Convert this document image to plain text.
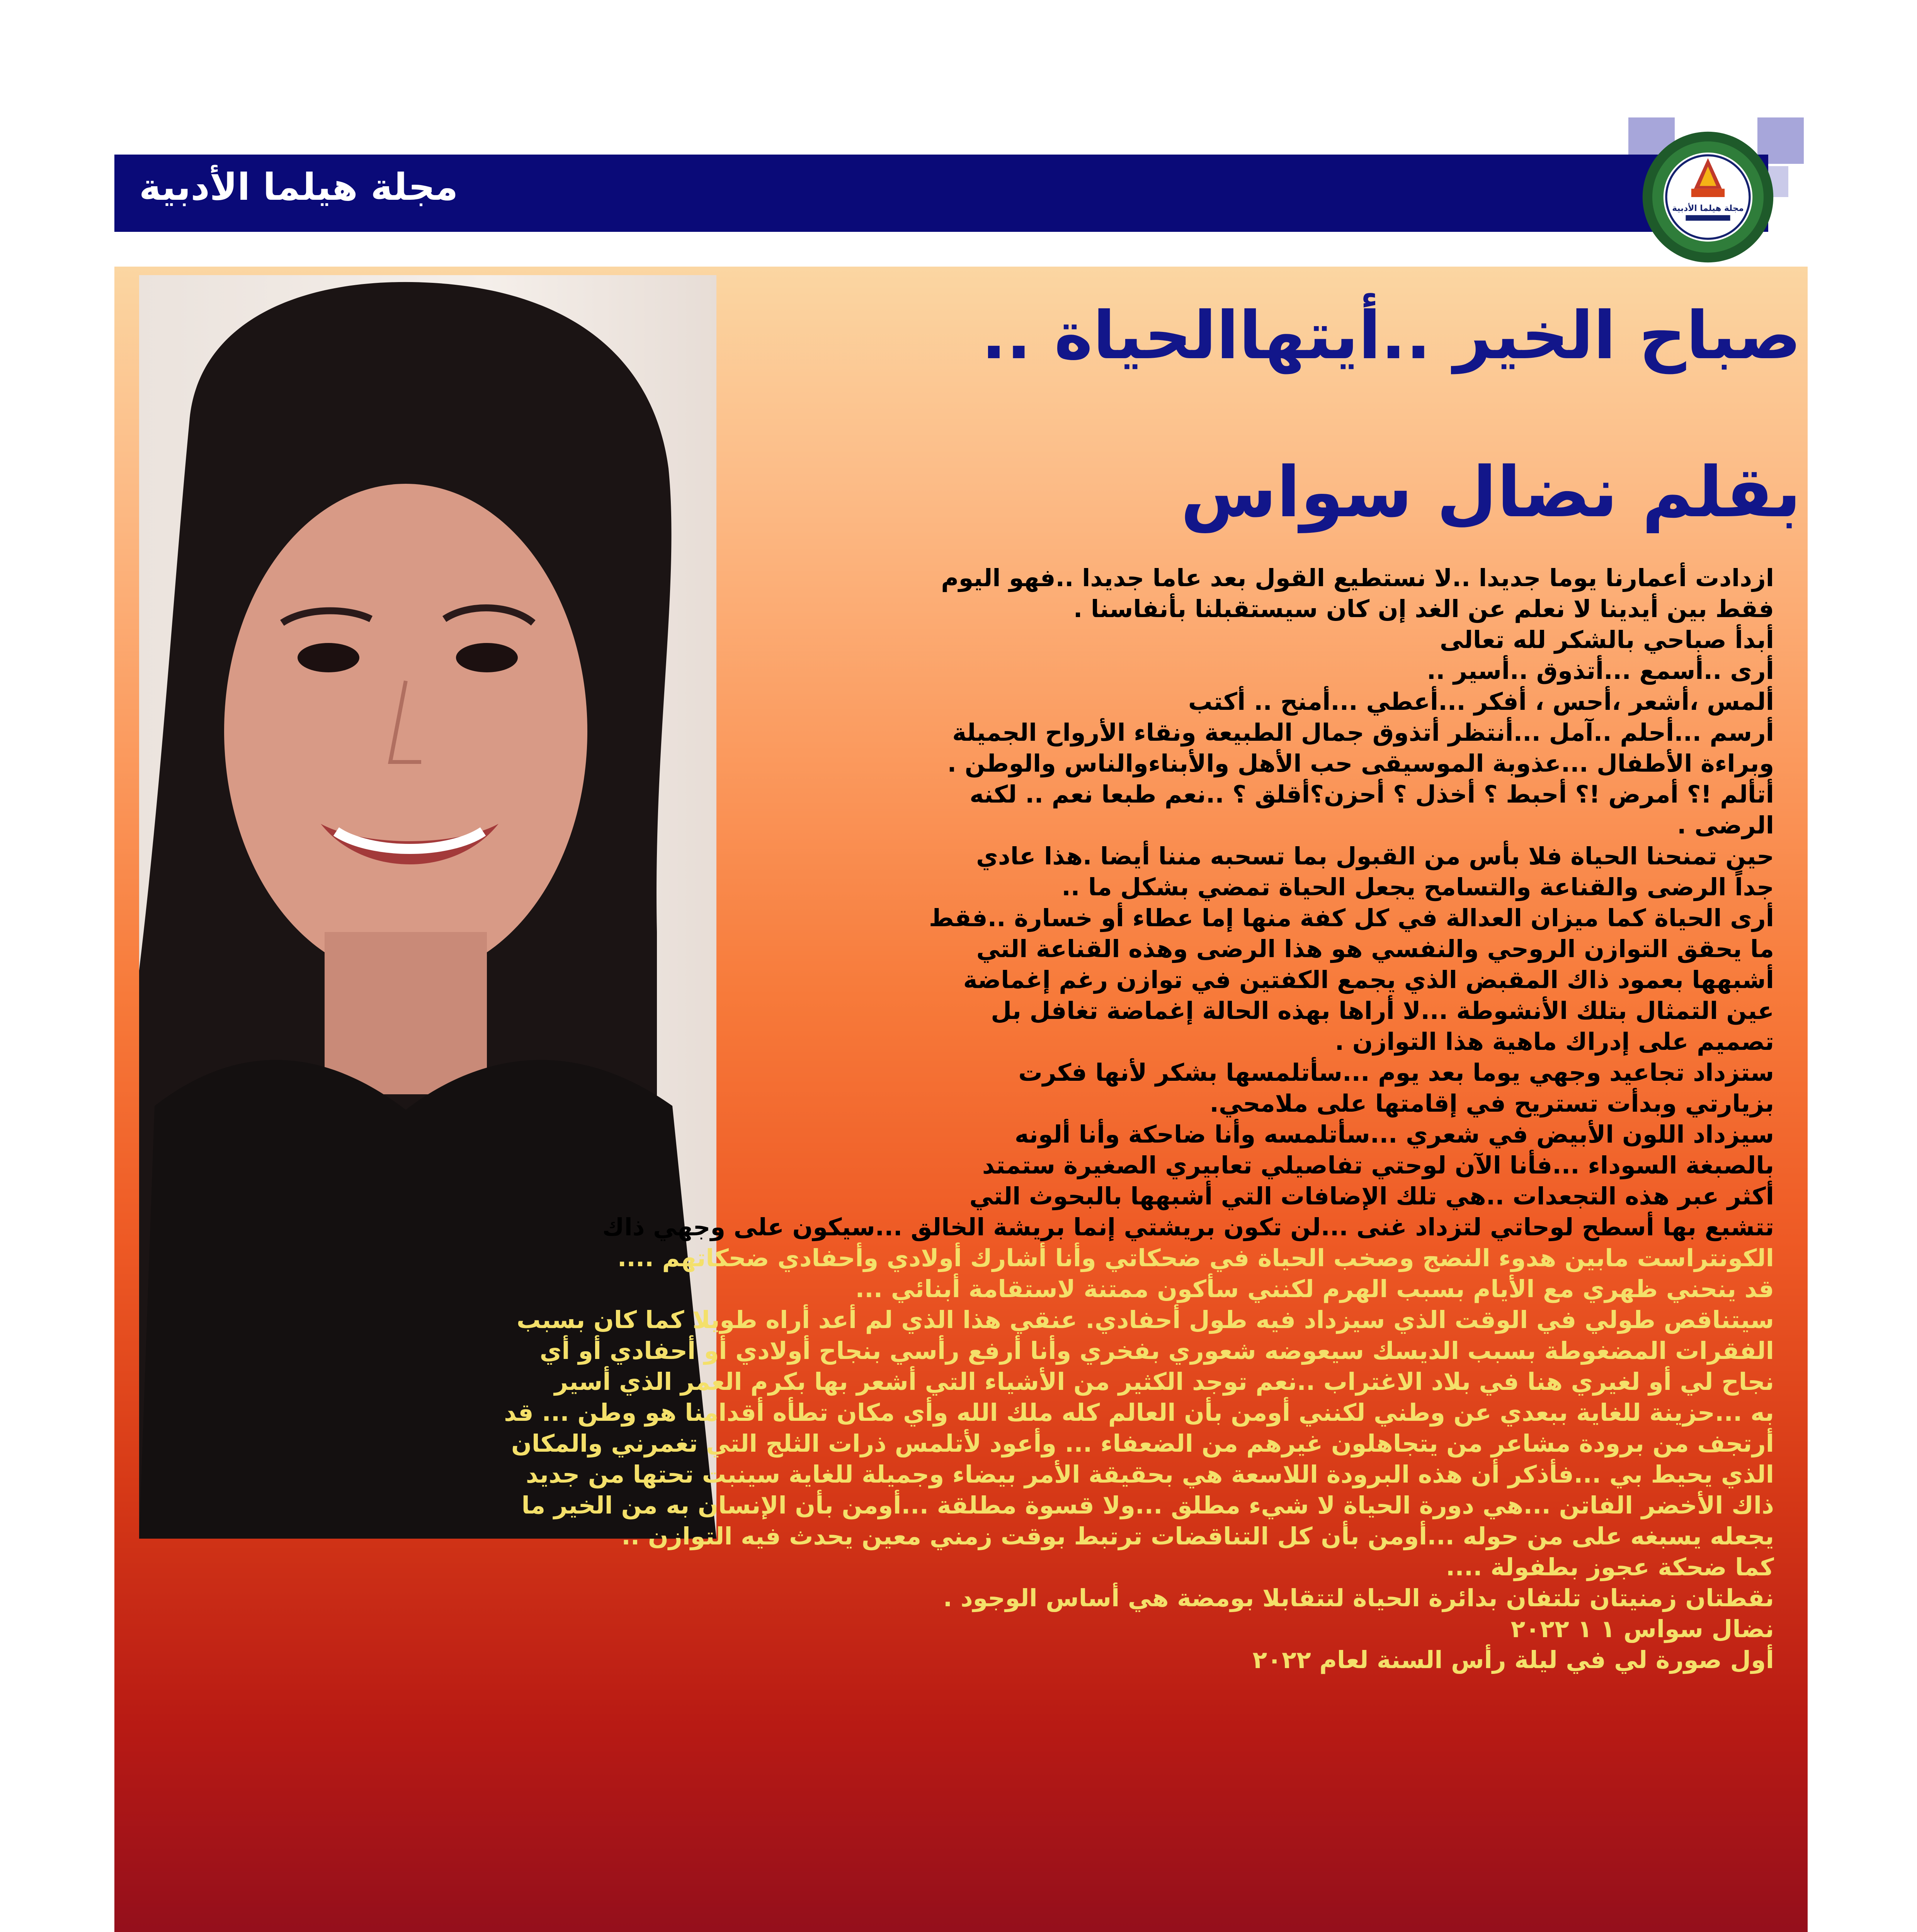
مجلة هيلما الأدبية	مجلة هيلما الأدبية
صباح الخير ..أيتهاالحياة ..
بقلم نضال سواس
ازدادت أعمارنا يوما جديدا ..لا نستطيع القول بعد عاما جديدا ..فهو اليوم
فقط بين أيدينا لا نعلم عن الغد إن كان سيستقبلنا بأنفاسنا .
أبدأ صباحي بالشكر لله تعالى
أرى ..أسمع ...أتذوق ..أسير ..
ألمس ،أشعر ،أحس ، أفكر ...أعطي ...أمنح .. أكتب
أرسم ...أحلم ..آمل ...أنتظر أتذوق جمال الطبيعة ونقاء الأرواح الجميلة
وبراءة الأطفال ...عذوبة الموسيقى حب الأهل والأبناءوالناس والوطن .
أتألم !؟ أمرض !؟ أحبط ؟ أخذل ؟ أحزن؟أقلق ؟ ..نعم طبعا نعم .. لكنه
الرضى .
حين تمنحنا الحياة فلا بأس من القبول بما تسحبه مننا أيضا .هذا عادي
جداً الرضى والقناعة والتسامح يجعل الحياة تمضي بشكل ما ..
أرى الحياة كما ميزان العدالة في كل كفة منها إما عطاء أو خسارة ..فقط
ما يحقق التوازن الروحي والنفسي هو هذا الرضى وهذه القناعة التي
أشبهها بعمود ذاك المقبض الذي يجمع الكفتين في توازن رغم إغماضة
عين التمثال بتلك الأنشوطة ...لا أراها بهذه الحالة إغماضة تغافل بل
تصميم على إدراك ماهية هذا التوازن .
ستزداد تجاعيد وجهي يوما بعد يوم ...سأتلمسها بشكر لأنها فكرت
بزيارتي وبدأت تستريح في إقامتها على ملامحي.
سيزداد اللون الأبيض في شعري ...سأتلمسه وأنا ضاحكة وأنا ألونه
بالصبغة السوداء ...فأنا الآن لوحتي تفاصيلي تعابيري الصغيرة ستمتد
أكثر عبر هذه التجعدات ..هي تلك الإضافات التي أشبهها بالبحوث التي
تتشبع بها أسطح لوحاتي لتزداد غنى ...لن تكون بريشتي إنما بريشة الخالق ...سيكون على وجهي ذاك
الكونتراست مابين هدوء النضج وصخب الحياة في ضحكاتي وأنا أشارك أولادي وأحفادي ضحكاتهم ....
قد ينحني ظهري مع الأيام بسبب الهرم لكنني سأكون ممتنة لاستقامة أبنائي ...
سيتناقص طولي في الوقت الذي سيزداد فيه طول أحفادي. عنقي هذا الذي لم أعد أراه طويلا كما كان بسبب
الفقرات المضغوطة بسبب الديسك سيعوضه شعوري بفخري وأنا أرفع رأسي بنجاح أولادي أو أحفادي أو أي
نجاح لي أو لغيري هنا في بلاد الاغتراب ..نعم توجد الكثير من الأشياء التي أشعر بها بكرم العمر الذي أسير
به ...حزينة للغاية ببعدي عن وطني لكنني أومن بأن العالم كله ملك الله وأي مكان تطأه أقدامنا هو وطن ... قد
أرتجف من برودة مشاعر من يتجاهلون غيرهم من الضعفاء ... وأعود لأتلمس ذرات الثلج التي تغمرني والمكان
الذي يحيط بي ...فأذكر أن هذه البرودة اللاسعة هي بحقيقة الأمر بيضاء وجميلة للغاية سينبت تحتها من جديد
ذاك الأخضر الفاتن ...هي دورة الحياة لا شيء مطلق ...ولا قسوة مطلقة ...أومن بأن الإنسان به من الخير ما
يجعله يسبغه على من حوله ...أومن بأن كل التناقضات ترتبط بوقت زمني معين يحدث فيه التوازن ..
كما ضحكة عجوز بطفولة ....
نقطتان زمنيتان تلتفان بدائرة الحياة لتتقابلا بومضة هي أساس الوجود .
نضال سواس ١ ١ ٢٠٢٢
أول صورة لي في ليلة رأس السنة لعام ٢٠٢٢
